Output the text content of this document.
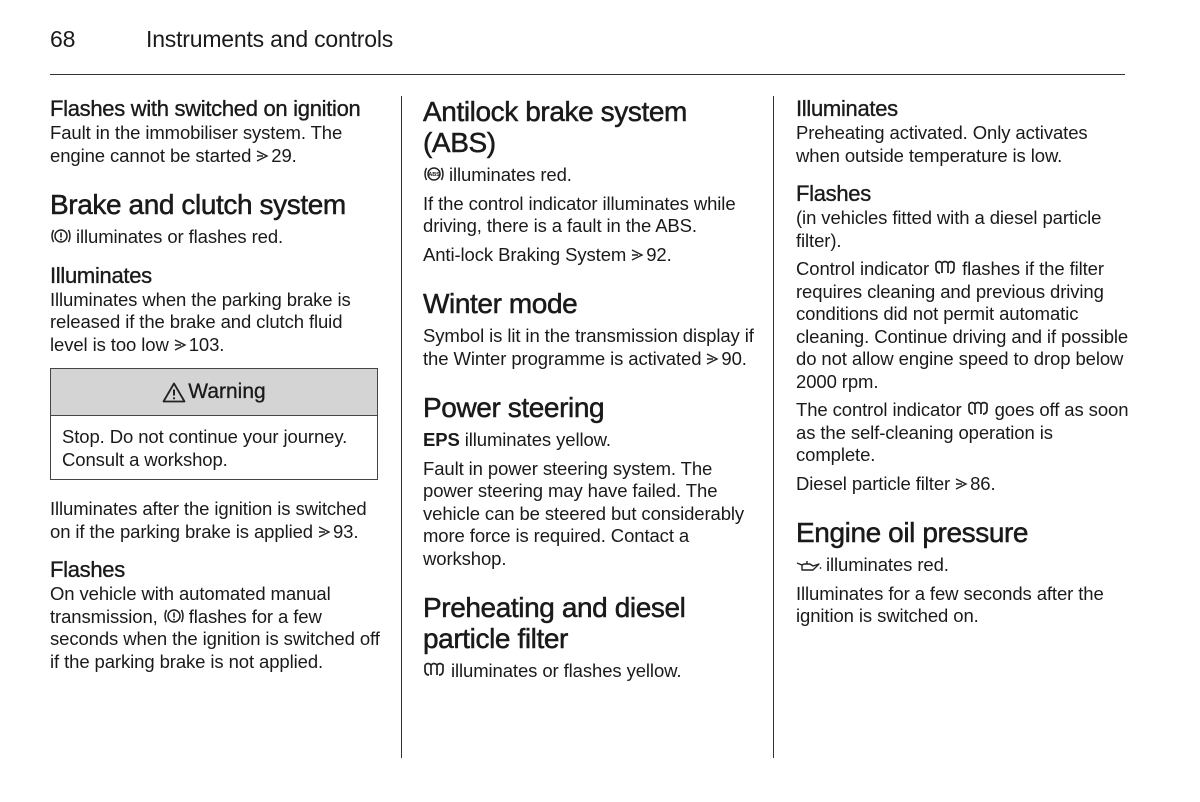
68	Instruments and controls
Flashes with switched on ignition

Fault in the immobiliser system. The engine cannot be started 29.

Brake and clutch system

illuminates or flashes red.

Illuminates

Illuminates when the parking brake is released if the brake and clutch fluid level is too low 103.

Warning

Stop. Do not continue your journey. Consult a workshop.

Illuminates after the ignition is switched on if the parking brake is applied 93.

Flashes

On vehicle with automated manual transmission, flashes for a few seconds when the ignition is switched off if the parking brake is not applied.

Antilock brake system (ABS)

ABS illuminates red.

If the control indicator illuminates while driving, there is a fault in the ABS.

Anti-lock Braking System 92.

Winter mode

Symbol is lit in the transmission display if the Winter programme is activated 90.

Power steering

EPS illuminates yellow.

Fault in power steering system. The power steering may have failed. The vehicle can be steered but considerably more force is required. Contact a workshop.

Preheating and diesel particle filter

illuminates or flashes yellow.

Illuminates

Preheating activated. Only activates when outside temperature is low.

Flashes

(in vehicles fitted with a diesel particle filter).

Control indicator flashes if the filter requires cleaning and previous driving conditions did not permit automatic cleaning. Continue driving and if possible do not allow engine speed to drop below 2000 rpm.

The control indicator goes off as soon as the self-cleaning operation is complete.

Diesel particle filter 86.

Engine oil pressure

illuminates red.

Illuminates for a few seconds after the ignition is switched on.
